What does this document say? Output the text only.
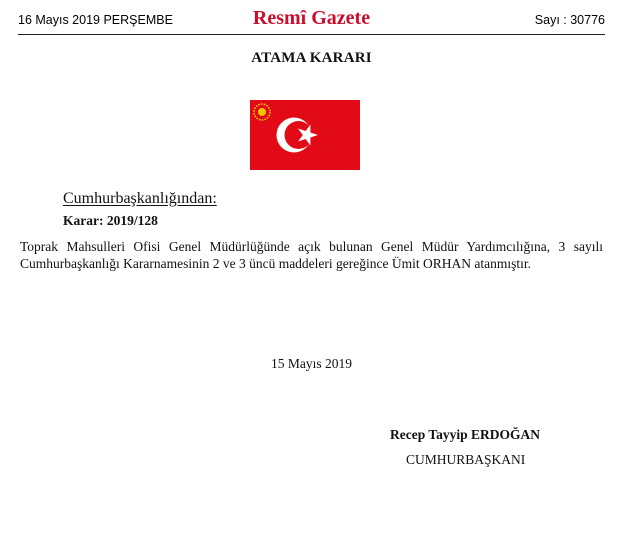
16 Mayıs 2019 PERŞEMBE	Resmî Gazete	Sayı : 30776
ATAMA KARARI
Cumhurbaşkanlığından:
Karar: 2019/128
Toprak Mahsulleri Ofisi Genel Müdürlüğünde açık bulunan Genel Müdür Yardımcılığına, 3 sayılı Cumhurbaşkanlığı Kararnamesinin 2 ve 3 üncü maddeleri gereğince Ümit ORHAN atanmıştır.
15 Mayıs 2019
Recep Tayyip ERDOĞAN
CUMHURBAŞKANI
